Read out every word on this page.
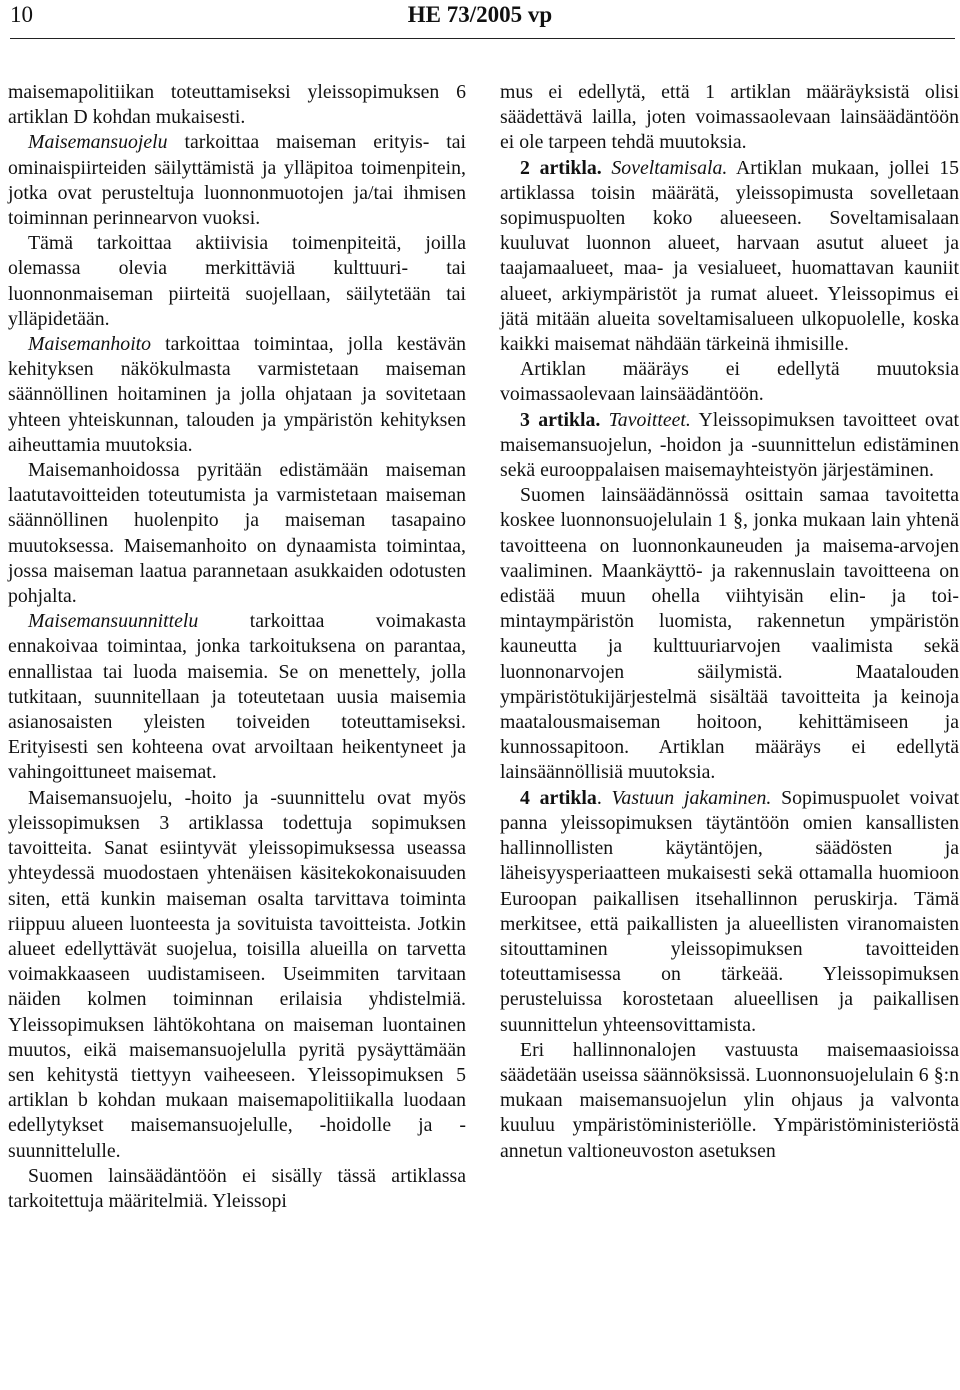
10	HE 73/2005 vp

maisemapolitiikan toteuttamiseksi yleissopimuksen 6 artiklan D kohdan mukaisesti.

Maisemansuojelu tarkoittaa maiseman erityis- tai ominaispiirteiden säilyttämistä ja ylläpitoa toimenpitein, jotka ovat perusteltuja luonnonmuotojen ja/tai ihmisen toiminnan perinnearvon vuoksi.

Tämä tarkoittaa aktiivisia toimenpiteitä, joilla olemassa olevia merkittäviä kulttuuri- tai luonnonmaiseman piirteitä suojellaan, säilytetään tai ylläpidetään.

Maisemanhoito tarkoittaa toimintaa, jolla kestävän kehityksen näkökulmasta varmistetaan maiseman säännöllinen hoitaminen ja jolla ohjataan ja sovitetaan yhteen yhteiskunnan, talouden ja ympäristön kehityksen aiheuttamia muutoksia.

Maisemanhoidossa pyritään edistämään maiseman laatutavoitteiden toteutumista ja varmistetaan maiseman säännöllinen huolenpito ja maiseman tasapaino muutoksessa. Maisemanhoito on dynaamista toimintaa, jossa maiseman laatua parannetaan asukkaiden odotusten pohjalta.

Maisemansuunnittelu tarkoittaa voimakasta ennakoivaa toimintaa, jonka tarkoituksena on parantaa, ennallistaa tai luoda maisemia. Se on menettely, jolla tutkitaan, suunnitellaan ja toteutetaan uusia maisemia asianosaisten yleisten toiveiden toteuttamiseksi. Erityisesti sen kohteena ovat arvoiltaan heikentyneet ja vahingoittuneet maisemat.

Maisemansuojelu, -hoito ja -suunnittelu ovat myös yleissopimuksen 3 artiklassa todettuja sopimuksen tavoitteita. Sanat esiintyvät yleissopimuksessa useassa yhteydessä muodostaen yhtenäisen käsitekokonaisuuden siten, että kunkin maiseman osalta tarvittava toiminta riippuu alueen luonteesta ja sovituista tavoitteista. Jotkin alueet edellyttävät suojelua, toisilla alueilla on tarvetta voimakkaaseen uudistamiseen. Useimmiten tarvitaan näiden kolmen toiminnan erilaisia yhdistelmiä. Yleissopimuksen lähtökohtana on maiseman luontainen muutos, eikä maisemansuojelulla pyritä pysäyttämään sen kehitystä tiettyyn vaiheeseen. Yleissopimuksen 5 artiklan b kohdan mukaan maisemapolitiikalla luodaan edellytykset maisemansuojelulle, -hoidolle ja -suunnittelulle.

Suomen lainsäädäntöön ei sisälly tässä artiklassa tarkoitettuja määritelmiä. Yleissopi

mus ei edellytä, että 1 artiklan määräyksistä olisi säädettävä lailla, joten voimassaolevaan lainsäädäntöön ei ole tarpeen tehdä muutoksia.

2 artikla. Soveltamisala. Artiklan mukaan, jollei 15 artiklassa toisin määrätä, yleissopimusta sovelletaan sopimuspuolten koko alueeseen. Soveltamisalaan kuuluvat luonnon alueet, harvaan asutut alueet ja taajamaalueet, maa- ja vesialueet, huomattavan kauniit alueet, arkiympäristöt ja rumat alueet. Yleissopimus ei jätä mitään alueita soveltamisalueen ulkopuolelle, koska kaikki maisemat nähdään tärkeinä ihmisille.

Artiklan määräys ei edellytä muutoksia voimassaolevaan lainsäädäntöön.

3 artikla. Tavoitteet. Yleissopimuksen tavoitteet ovat maisemansuojelun, -hoidon ja -suunnittelun edistäminen sekä eurooppalaisen maisemayhteistyön järjestäminen.

Suomen lainsäädännössä osittain samaa tavoitetta koskee luonnonsuojelulain 1 §, jonka mukaan lain yhtenä tavoitteena on luonnonkauneuden ja maisema-arvojen vaaliminen. Maankäyttö- ja rakennuslain tavoitteena on edistää muun ohella viihtyisän elin- ja toimintaympäristön luomista, rakennetun ympäristön kauneutta ja kulttuuriarvojen vaalimista sekä luonnonarvojen säilymistä. Maatalouden ympäristötukijärjestelmä sisältää tavoitteita ja keinoja maatalousmaiseman hoitoon, kehittämiseen ja kunnossapitoon. Artiklan määräys ei edellytä lainsäännöllisiä muutoksia.

4 artikla. Vastuun jakaminen. Sopimuspuolet voivat panna yleissopimuksen täytäntöön omien kansallisten hallinnollisten käytäntöjen, säädösten ja läheisyysperiaatteen mukaisesti sekä ottamalla huomioon Euroopan paikallisen itsehallinnon peruskirja. Tämä merkitsee, että paikallisten ja alueellisten viranomaisten sitouttaminen yleissopimuksen tavoitteiden toteuttamisessa on tärkeää. Yleissopimuksen perusteluissa korostetaan alueellisen ja paikallisen suunnittelun yhteensovittamista.

Eri hallinnonalojen vastuusta maisemaasioissa säädetään useissa säännöksissä. Luonnonsuojelulain 6 §:n mukaan maisemansuojelun ylin ohjaus ja valvonta kuuluu ympäristöministeriölle. Ympäristöministeriöstä annetun valtioneuvoston asetuksen
